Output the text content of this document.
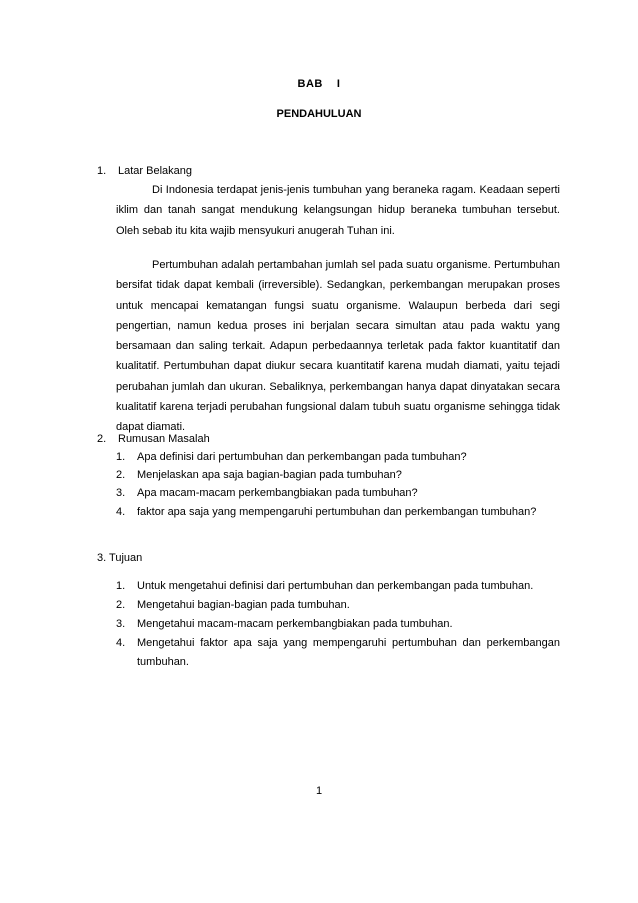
BAB I
PENDAHULUAN
1. Latar Belakang

Di Indonesia terdapat jenis-jenis tumbuhan yang beraneka ragam. Keadaan seperti iklim dan tanah sangat mendukung kelangsungan hidup beraneka tumbuhan tersebut. Oleh sebab itu kita wajib mensyukuri anugerah Tuhan ini.

Pertumbuhan adalah pertambahan jumlah sel pada suatu organisme. Pertumbuhan bersifat tidak dapat kembali (irreversible). Sedangkan, perkembangan merupakan proses untuk mencapai kematangan fungsi suatu organisme. Walaupun berbeda dari segi pengertian, namun kedua proses ini berjalan secara simultan atau pada waktu yang bersamaan dan saling terkait. Adapun perbedaannya terletak pada faktor kuantitatif dan kualitatif. Pertumbuhan dapat diukur secara kuantitatif karena mudah diamati, yaitu tejadi perubahan jumlah dan ukuran. Sebaliknya, perkembangan hanya dapat dinyatakan secara kualitatif karena terjadi perubahan fungsional dalam tubuh suatu organisme sehingga tidak dapat diamati.

2. Rumusan Masalah
1. Apa definisi dari pertumbuhan dan perkembangan pada tumbuhan?
2. Menjelaskan apa saja bagian-bagian pada tumbuhan?
3. Apa macam-macam perkembangbiakan pada tumbuhan?
4. faktor apa saja yang mempengaruhi pertumbuhan dan perkembangan tumbuhan?
3. Tujuan
1. Untuk mengetahui definisi dari pertumbuhan dan perkembangan pada tumbuhan.
2. Mengetahui bagian-bagian pada tumbuhan.
3. Mengetahui macam-macam perkembangbiakan pada tumbuhan.
4. Mengetahui faktor apa saja yang mempengaruhi pertumbuhan dan perkembangan tumbuhan.
1
